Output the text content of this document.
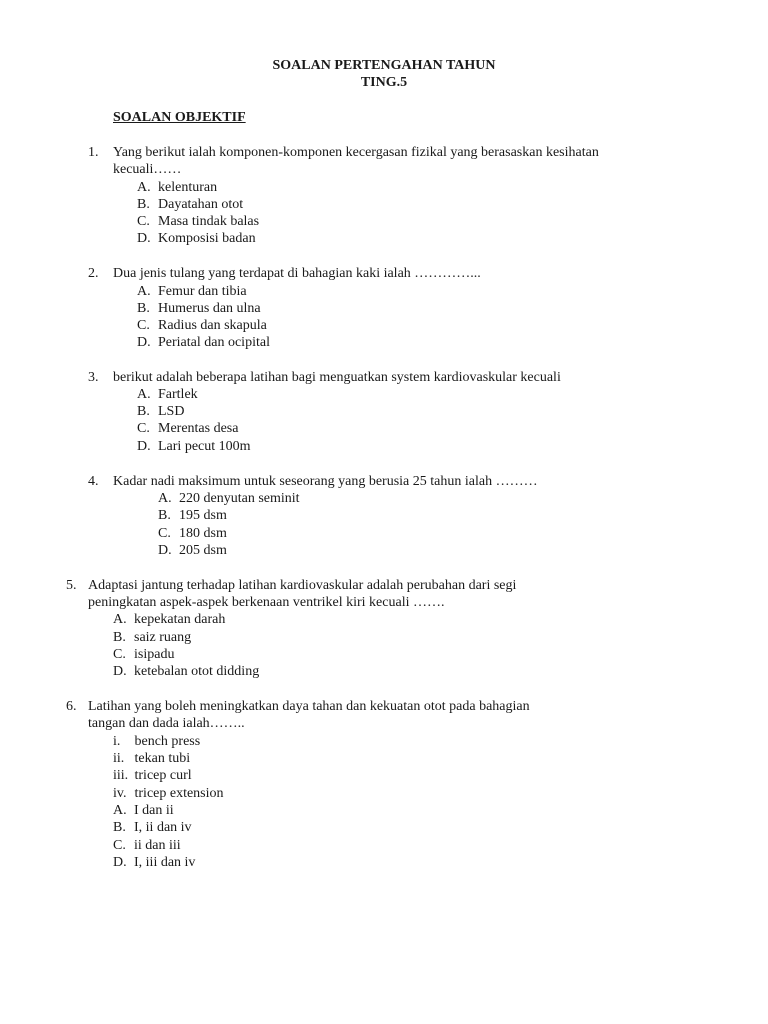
SOALAN PERTENGAHAN TAHUN
TING.5
SOALAN OBJEKTIF
1. Yang berikut ialah komponen-komponen kecergasan fizikal yang berasaskan kesihatan
kecuali……
A. kelenturan
B. Dayatahan otot
C. Masa tindak balas
D. Komposisi badan
2. Dua jenis tulang yang terdapat di bahagian kaki ialah …………...
A. Femur dan tibia
B. Humerus dan ulna
C. Radius dan skapula
D. Periatal dan ocipital
3. berikut adalah beberapa latihan bagi menguatkan system kardiovaskular kecuali
A. Fartlek
B. LSD
C. Merentas desa
D. Lari pecut 100m
4. Kadar nadi maksimum untuk seseorang yang berusia 25 tahun ialah ………
A. 220 denyutan seminit
B. 195 dsm
C. 180 dsm
D. 205 dsm
5. Adaptasi jantung terhadap latihan kardiovaskular adalah perubahan dari segi
peningkatan aspek-aspek berkenaan ventrikel kiri kecuali …….
A. kepekatan darah
B. saiz ruang
C. isipadu
D. ketebalan otot didding
6. Latihan yang boleh meningkatkan daya tahan dan kekuatan otot pada bahagian
tangan dan dada ialah……..
i. bench press
ii. tekan tubi
iii. tricep curl
iv. tricep extension
A. I dan ii
B. I, ii dan iv
C. ii dan iii
D. I, iii dan iv
